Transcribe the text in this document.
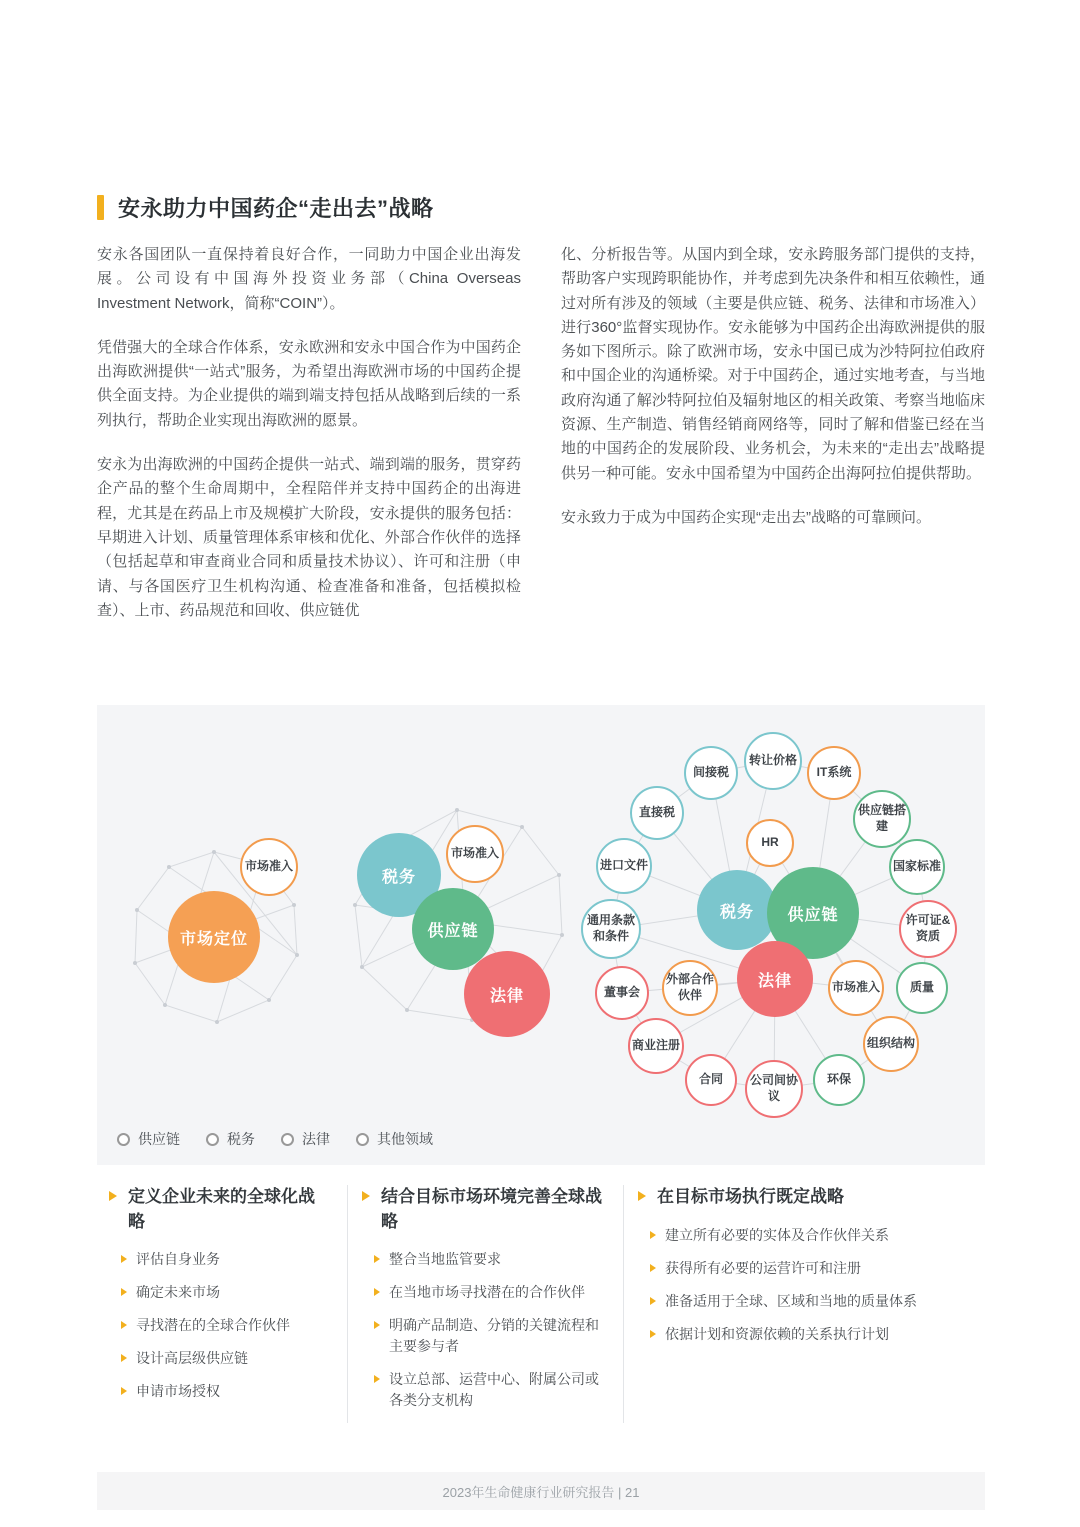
安永助力中国药企“走出去”战略

安永各国团队一直保持着良好合作，一同助力中国企业出海发展。公司设有中国海外投资业务部（China Overseas Investment Network，简称“COIN”）。

凭借强大的全球合作体系，安永欧洲和安永中国合作为中国药企出海欧洲提供“一站式”服务，为希望出海欧洲市场的中国药企提供全面支持。为企业提供的端到端支持包括从战略到后续的一系列执行，帮助企业实现出海欧洲的愿景。

安永为出海欧洲的中国药企提供一站式、端到端的服务，贯穿药企产品的整个生命周期中，全程陪伴并支持中国药企的出海进程，尤其是在药品上市及规模扩大阶段，安永提供的服务包括：早期进入计划、质量管理体系审核和优化、外部合作伙伴的选择（包括起草和审查商业合同和质量技术协议）、许可和注册（申请、与各国医疗卫生机构沟通、检查准备和准备，包括模拟检查）、上市、药品规范和回收、供应链优

化、分析报告等。从国内到全球，安永跨服务部门提供的支持，帮助客户实现跨职能协作，并考虑到先决条件和相互依赖性，通过对所有涉及的领域（主要是供应链、税务、法律和市场准入）进行360°监督实现协作。安永能够为中国药企出海欧洲提供的服务如下图所示。除了欧洲市场，安永中国已成为沙特阿拉伯政府和中国企业的沟通桥梁。对于中国药企，通过实地考查，与当地政府沟通了解沙特阿拉伯及辐射地区的相关政策、考察当地临床资源、生产制造、销售经销商网络等，同时了解和借鉴已经在当地的中国药企的发展阶段、业务机会，为未来的“走出去”战略提供另一种可能。安永中国希望为中国药企出海阿拉伯提供帮助。

安永致力于成为中国药企实现“走出去”战略的可靠顾问。

市场定位
市场准入
税务
市场准入
供应链
法律
税务 供应链
法律
间接税
转让价格
IT系统
直接税	供应链搭建
进口文件
HR
国家标准
通用条款和条件
许可证&资质
董事会
外部合作伙伴
市场准入 质量
商业注册	组织结构
合同 公司间协议
环保
供应链	税务	法律	其他领域
定义企业未来的全球化战略
评估自身业务
确定未来市场
寻找潜在的全球合作伙伴
设计高层级供应链
申请市场授权
结合目标市场环境完善全球战略
整合当地监管要求
在当地市场寻找潜在的合作伙伴
明确产品制造、分销的关键流程和主要参与者
设立总部、运营中心、附属公司或各类分支机构
在目标市场执行既定战略
建立所有必要的实体及合作伙伴关系
获得所有必要的运营许可和注册
准备适用于全球、区域和当地的质量体系
依据计划和资源依赖的关系执行计划
2023年生命健康行业研究报告 | 21
